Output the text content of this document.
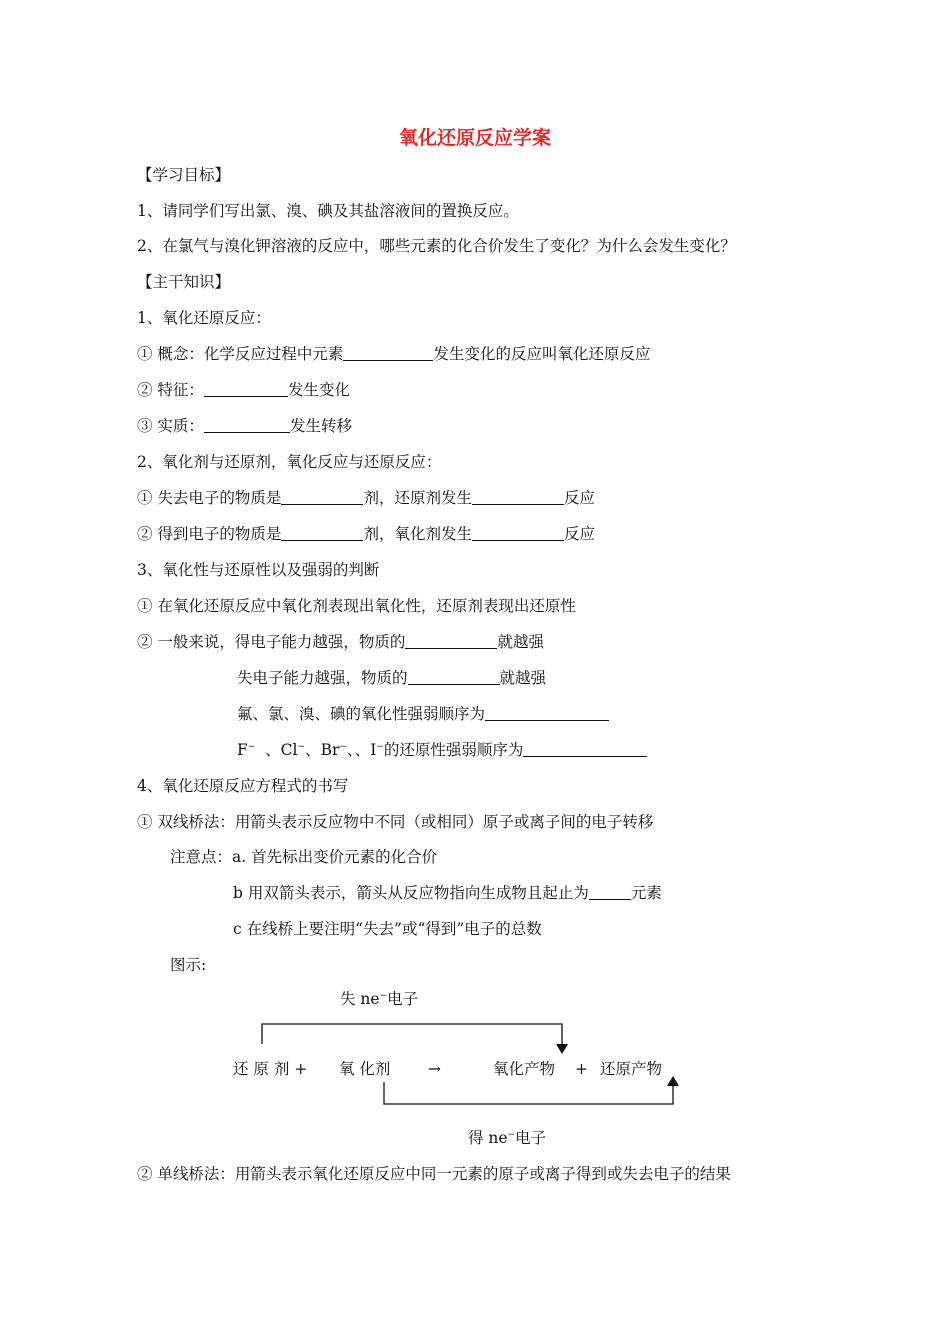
氧化还原反应学案
【学习目标】
1、请同学们写出氯、溴、碘及其盐溶液间的置换反应。
2、在氯气与溴化钾溶液的反应中，哪些元素的化合价发生了变化？为什么会发生变化？
【主干知识】
1、氧化还原反应：
① 概念：化学反应过程中元素	发生变化的反应叫氧化还原反应
② 特征：	发生变化
③ 实质：	发生转移
2、氧化剂与还原剂，氧化反应与还原反应：
① 失去电子的物质是	剂，还原剂发生	反应
② 得到电子的物质是	剂，氧化剂发生	反应
3、氧化性与还原性以及强弱的判断
① 在氧化还原反应中氧化剂表现出氧化性，还原剂表现出还原性
② 一般来说，得电子能力越强，物质的	就越强
失电子能力越强，物质的	就越强
氟、氯、溴、碘的氧化性强弱顺序为
F−  、Cl−、Br−、、I−的还原性强弱顺序为
4、氧化还原反应方程式的书写
① 双线桥法：用箭头表示反应物中不同（或相同）原子或离子间的电子转移
注意点：a. 首先标出变价元素的化合价
b 用双箭头表示，箭头从反应物指向生成物且起止为	元素
c 在线桥上要注明“失去”或“得到”电子的总数
图示:
失 ne−电子
还 原 剂 + 氧 化剂 →	氧化产物 + 还原产物
得 ne−电子
② 单线桥法：用箭头表示氧化还原反应中同一元素的原子或离子得到或失去电子的结果
